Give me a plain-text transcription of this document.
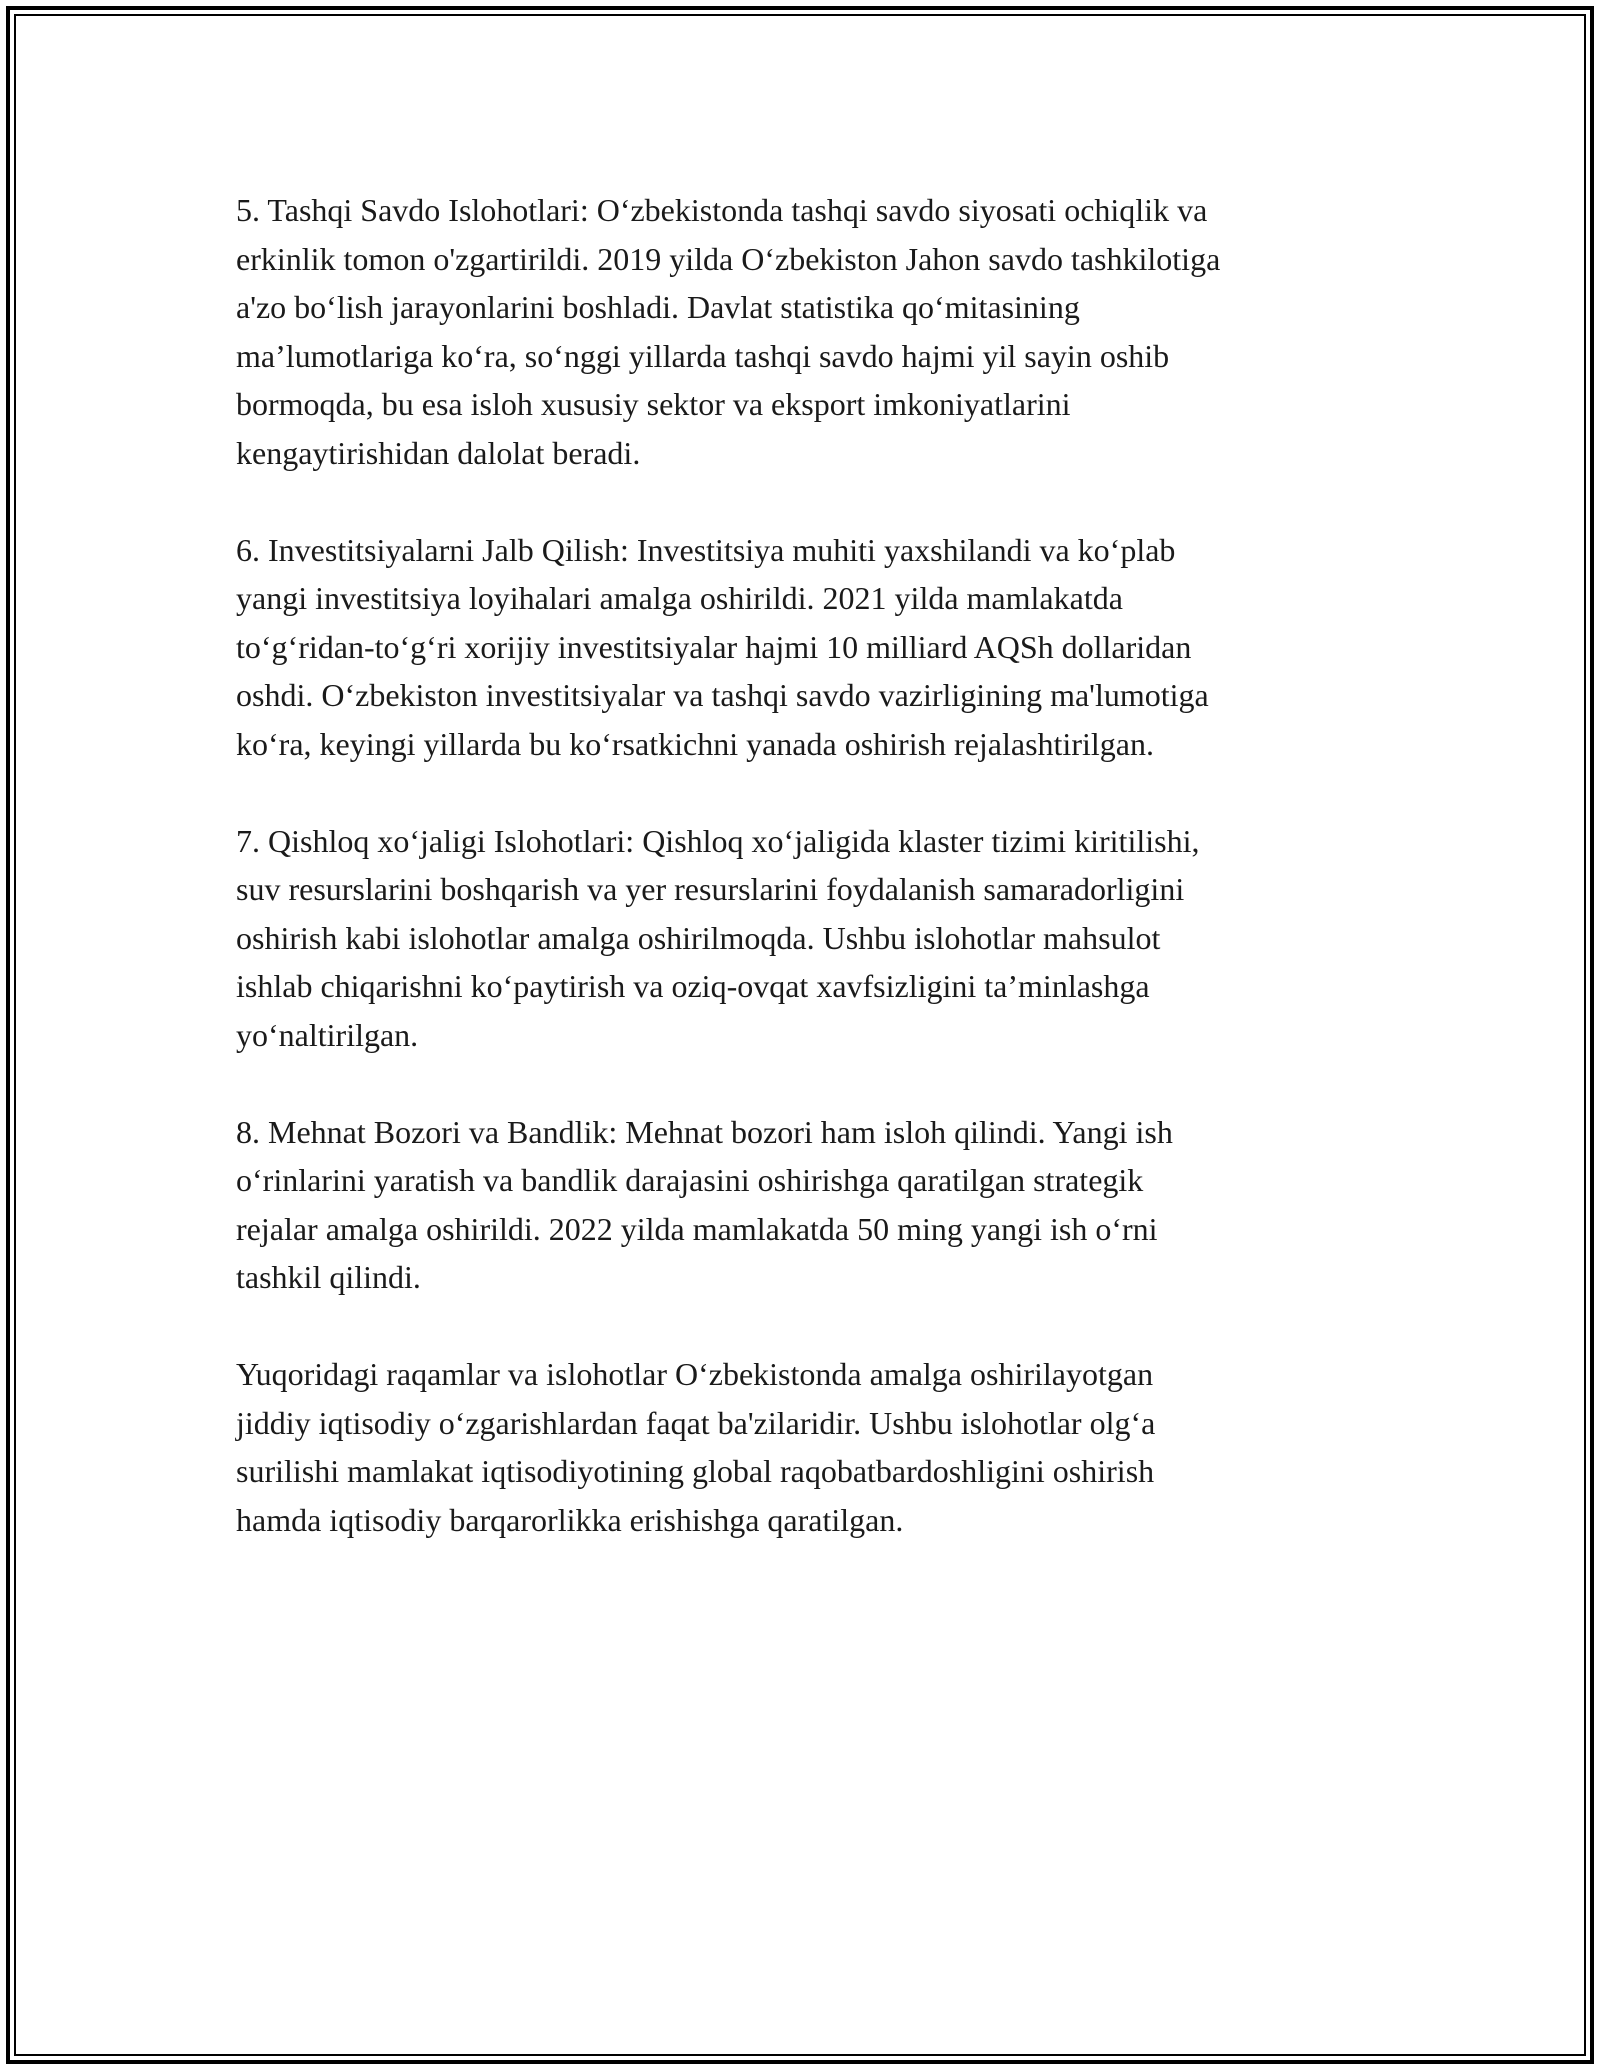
5. Tashqi Savdo Islohotlari: O‘zbekistonda tashqi savdo siyosati ochiqlik va
erkinlik tomon o'zgartirildi. 2019 yilda O‘zbekiston Jahon savdo tashkilotiga
a'zo bo‘lish jarayonlarini boshladi. Davlat statistika qo‘mitasining
ma’lumotlariga ko‘ra, so‘nggi yillarda tashqi savdo hajmi yil sayin oshib
bormoqda, bu esa isloh xususiy sektor va eksport imkoniyatlarini
kengaytirishidan dalolat beradi.

6. Investitsiyalarni Jalb Qilish: Investitsiya muhiti yaxshilandi va ko‘plab
yangi investitsiya loyihalari amalga oshirildi. 2021 yilda mamlakatda
to‘g‘ridan-to‘g‘ri xorijiy investitsiyalar hajmi 10 milliard AQSh dollaridan
oshdi. O‘zbekiston investitsiyalar va tashqi savdo vazirligining ma'lumotiga
ko‘ra, keyingi yillarda bu ko‘rsatkichni yanada oshirish rejalashtirilgan.

7. Qishloq xo‘jaligi Islohotlari: Qishloq xo‘jaligida klaster tizimi kiritilishi,
suv resurslarini boshqarish va yer resurslarini foydalanish samaradorligini
oshirish kabi islohotlar amalga oshirilmoqda. Ushbu islohotlar mahsulot
ishlab chiqarishni ko‘paytirish va oziq-ovqat xavfsizligini ta’minlashga
yo‘naltirilgan.

8. Mehnat Bozori va Bandlik: Mehnat bozori ham isloh qilindi. Yangi ish
o‘rinlarini yaratish va bandlik darajasini oshirishga qaratilgan strategik
rejalar amalga oshirildi. 2022 yilda mamlakatda 50 ming yangi ish o‘rni
tashkil qilindi.

Yuqoridagi raqamlar va islohotlar O‘zbekistonda amalga oshirilayotgan
jiddiy iqtisodiy o‘zgarishlardan faqat ba'zilaridir. Ushbu islohotlar olg‘a
surilishi mamlakat iqtisodiyotining global raqobatbardoshligini oshirish
hamda iqtisodiy barqarorlikka erishishga qaratilgan.
